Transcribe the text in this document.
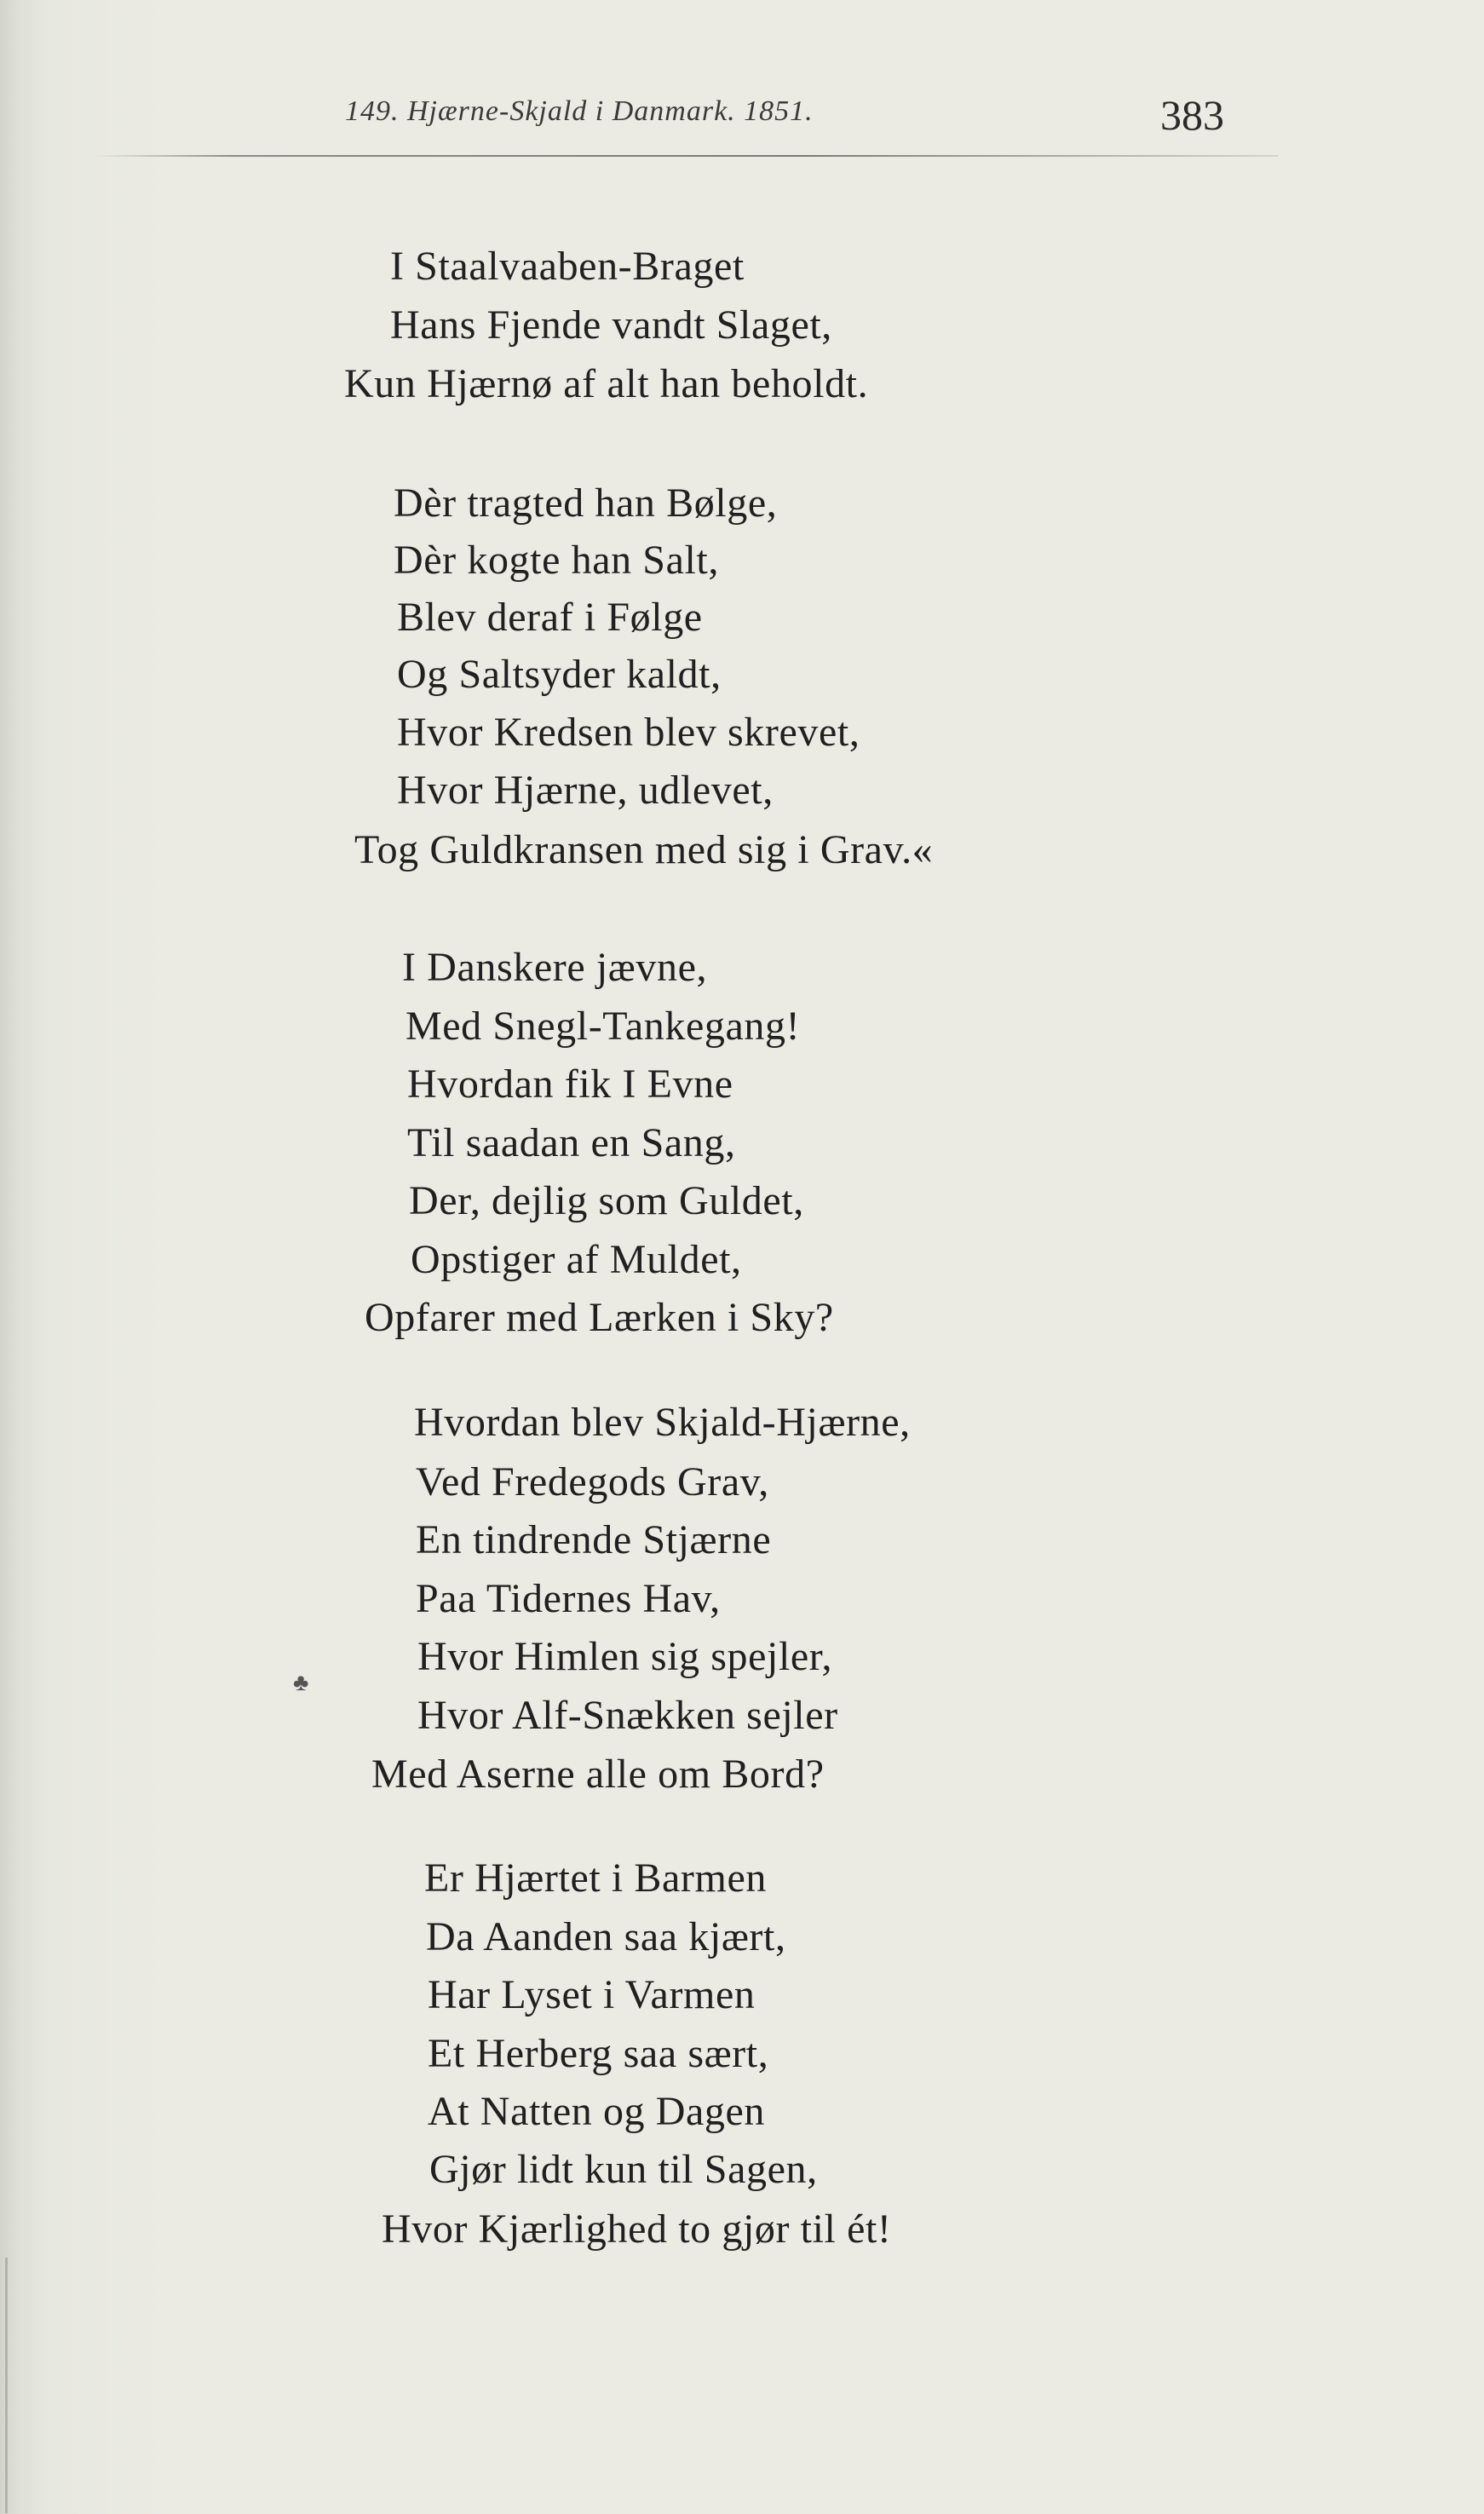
149. Hjærne-Skjald i Danmark. 1851.	383
I Staalvaaben-Braget
Hans Fjende vandt Slaget,
Kun Hjærnø af alt han beholdt.
Dèr tragted han Bølge,
Dèr kogte han Salt,
Blev deraf i Følge
Og Saltsyder kaldt,
Hvor Kredsen blev skrevet,
Hvor Hjærne, udlevet,
Tog Guldkransen med sig i Grav.«
I Danskere jævne,
Med Snegl-Tankegang!
Hvordan fik I Evne
Til saadan en Sang,
Der, dejlig som Guldet,
Opstiger af Muldet,
Opfarer med Lærken i Sky?
Hvordan blev Skjald-Hjærne,
Ved Fredegods Grav,
En tindrende Stjærne
Paa Tidernes Hav,
Hvor Himlen sig spejler,
Hvor Alf-Snækken sejler
Med Aserne alle om Bord?
♣
Er Hjærtet i Barmen
Da Aanden saa kjært,
Har Lyset i Varmen
Et Herberg saa sært,
At Natten og Dagen
Gjør lidt kun til Sagen,
Hvor Kjærlighed to gjør til ét!
